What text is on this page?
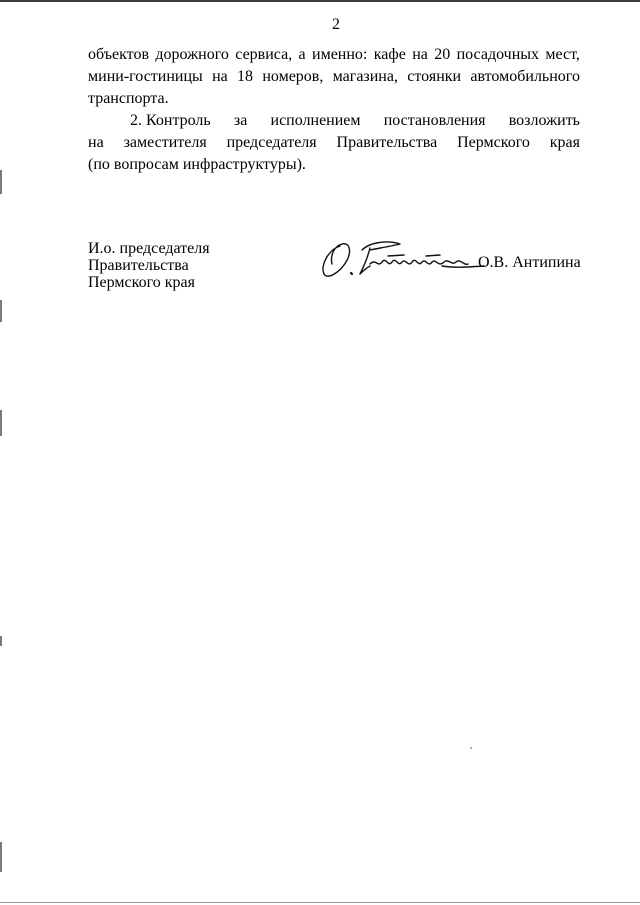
2
объектов дорожного сервиса, а именно: кафе на 20 посадочных мест,
мини-гостиницы на 18 номеров, магазина, стоянки автомобильного
транспорта.
2. Контроль за исполнением постановления возложить
на заместителя председателя Правительства Пермского края
(по вопросам инфраструктуры).
И.о. председателя Правительства
Пермского края
О.В. Антипина
